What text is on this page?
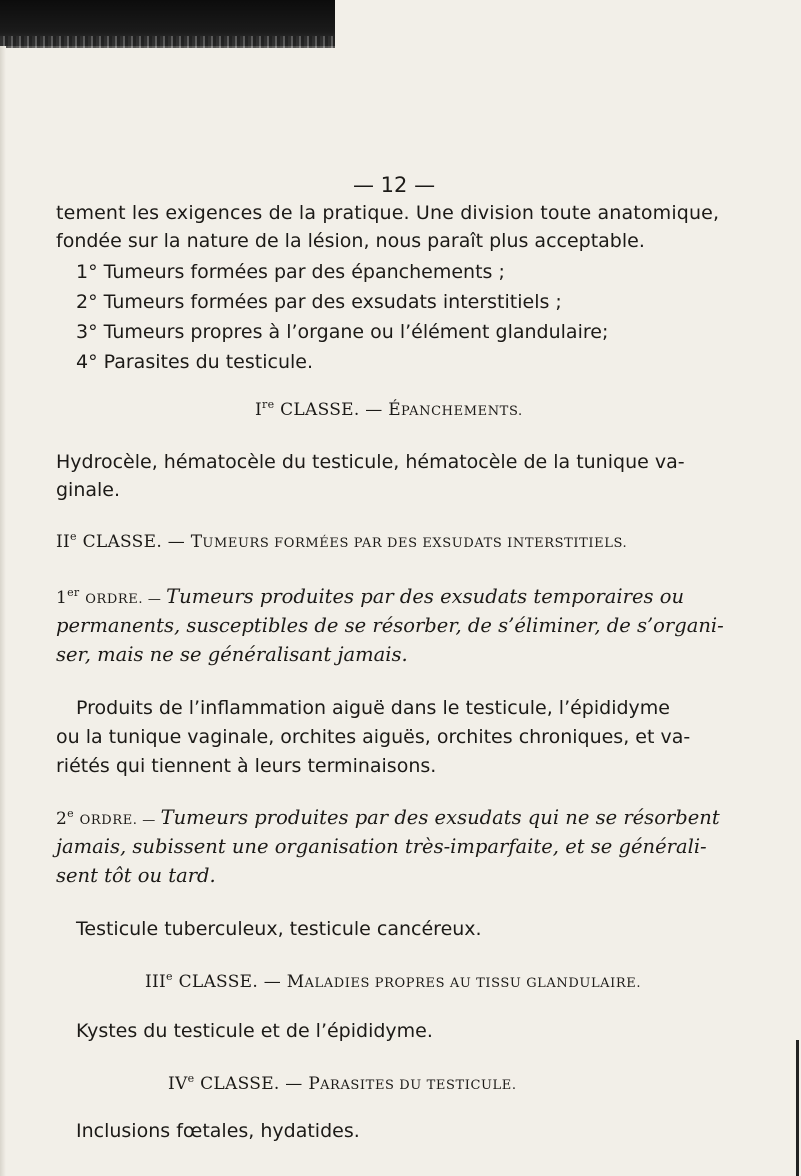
— 12 —
tement les exigences de la pratique. Une division toute anatomique,
fondée sur la nature de la lésion, nous paraît plus acceptable.
1° Tumeurs formées par des épanchements ;
2° Tumeurs formées par des exsudats interstitiels ;
3° Tumeurs propres à l’organe ou l’élément glandulaire;
4° Parasites du testicule.
Ire CLASSE. — ÉPANCHEMENTS.
Hydrocèle, hématocèle du testicule, hématocèle de la tunique va-
ginale.
IIe CLASSE. — TUMEURS FORMÉES PAR DES EXSUDATS INTERSTITIELS.
1er ORDRE. — Tumeurs produites par des exsudats temporaires ou
permanents, susceptibles de se résorber, de s’éliminer, de s’organi-
ser, mais ne se généralisant jamais.
Produits de l’inflammation aiguë dans le testicule, l’épididyme
ou la tunique vaginale, orchites aiguës, orchites chroniques, et va-
riétés qui tiennent à leurs terminaisons.
2e ORDRE. — Tumeurs produites par des exsudats qui ne se résorbent
jamais, subissent une organisation très-imparfaite, et se générali-
sent tôt ou tard.
Testicule tuberculeux, testicule cancéreux.
IIIe CLASSE. — MALADIES PROPRES AU TISSU GLANDULAIRE.
Kystes du testicule et de l’épididyme.
IVe CLASSE. — PARASITES DU TESTICULE.
Inclusions fœtales, hydatides.
